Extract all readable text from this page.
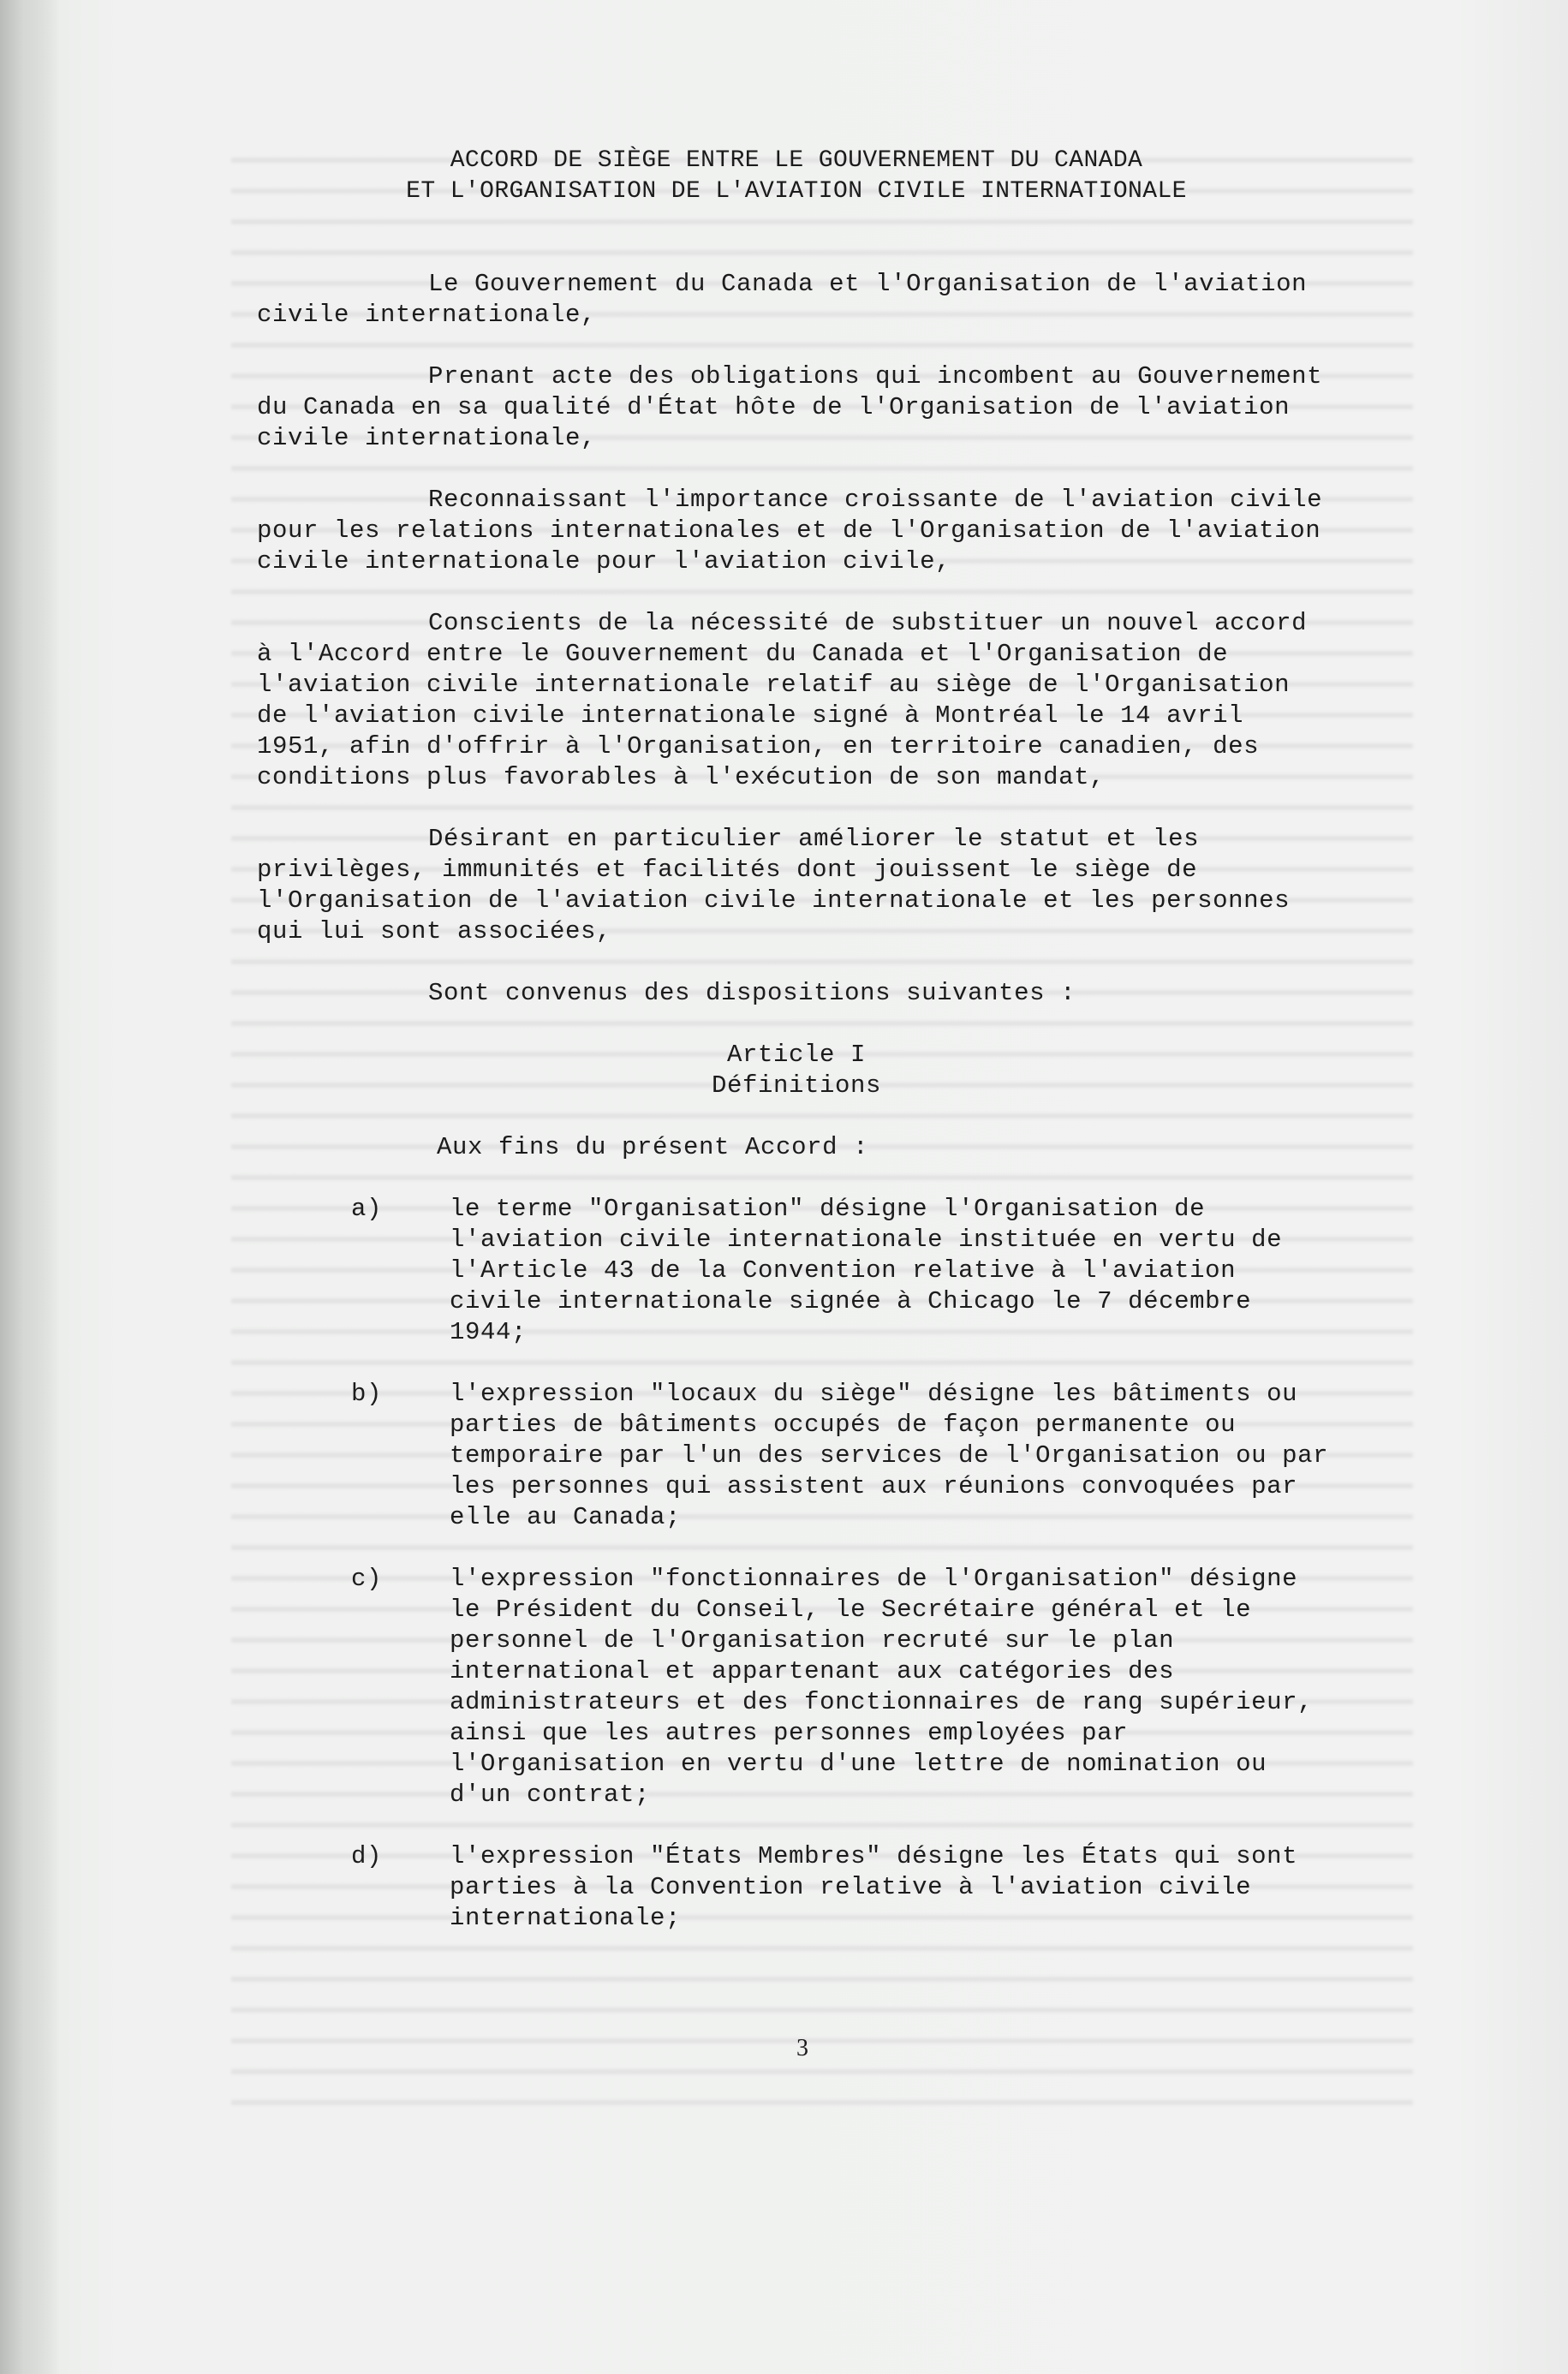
ACCORD DE SIÈGE ENTRE LE GOUVERNEMENT DU CANADA
ET L'ORGANISATION DE L'AVIATION CIVILE INTERNATIONALE

Le Gouvernement du Canada et l'Organisation de l'aviation civile internationale,

Prenant acte des obligations qui incombent au Gouvernement du Canada en sa qualité d'État hôte de l'Organisation de l'aviation civile internationale,

Reconnaissant l'importance croissante de l'aviation civile pour les relations internationales et de l'Organisation de l'aviation civile internationale pour l'aviation civile,

Conscients de la nécessité de substituer un nouvel accord à l'Accord entre le Gouvernement du Canada et l'Organisation de l'aviation civile internationale relatif au siège de l'Organisation de l'aviation civile internationale signé à Montréal le 14 avril 1951, afin d'offrir à l'Organisation, en territoire canadien, des conditions plus favorables à l'exécution de son mandat,

Désirant en particulier améliorer le statut et les privilèges, immunités et facilités dont jouissent le siège de l'Organisation de l'aviation civile internationale et les personnes qui lui sont associées,

Sont convenus des dispositions suivantes :

Article I
Définitions

Aux fins du présent Accord :

a)	le terme "Organisation" désigne l'Organisation de l'aviation civile internationale instituée en vertu de l'Article 43 de la Convention relative à l'aviation civile internationale signée à Chicago le 7 décembre 1944;
b)	l'expression "locaux du siège" désigne les bâtiments ou parties de bâtiments occupés de façon permanente ou temporaire par l'un des services de l'Organisation ou par les personnes qui assistent aux réunions convoquées par elle au Canada;
c)	l'expression "fonctionnaires de l'Organisation" désigne le Président du Conseil, le Secrétaire général et le personnel de l'Organisation recruté sur le plan international et appartenant aux catégories des administrateurs et des fonctionnaires de rang supérieur, ainsi que les autres personnes employées par l'Organisation en vertu d'une lettre de nomination ou d'un contrat;
d)	l'expression "États Membres" désigne les États qui sont parties à la Convention relative à l'aviation civile internationale;
3
